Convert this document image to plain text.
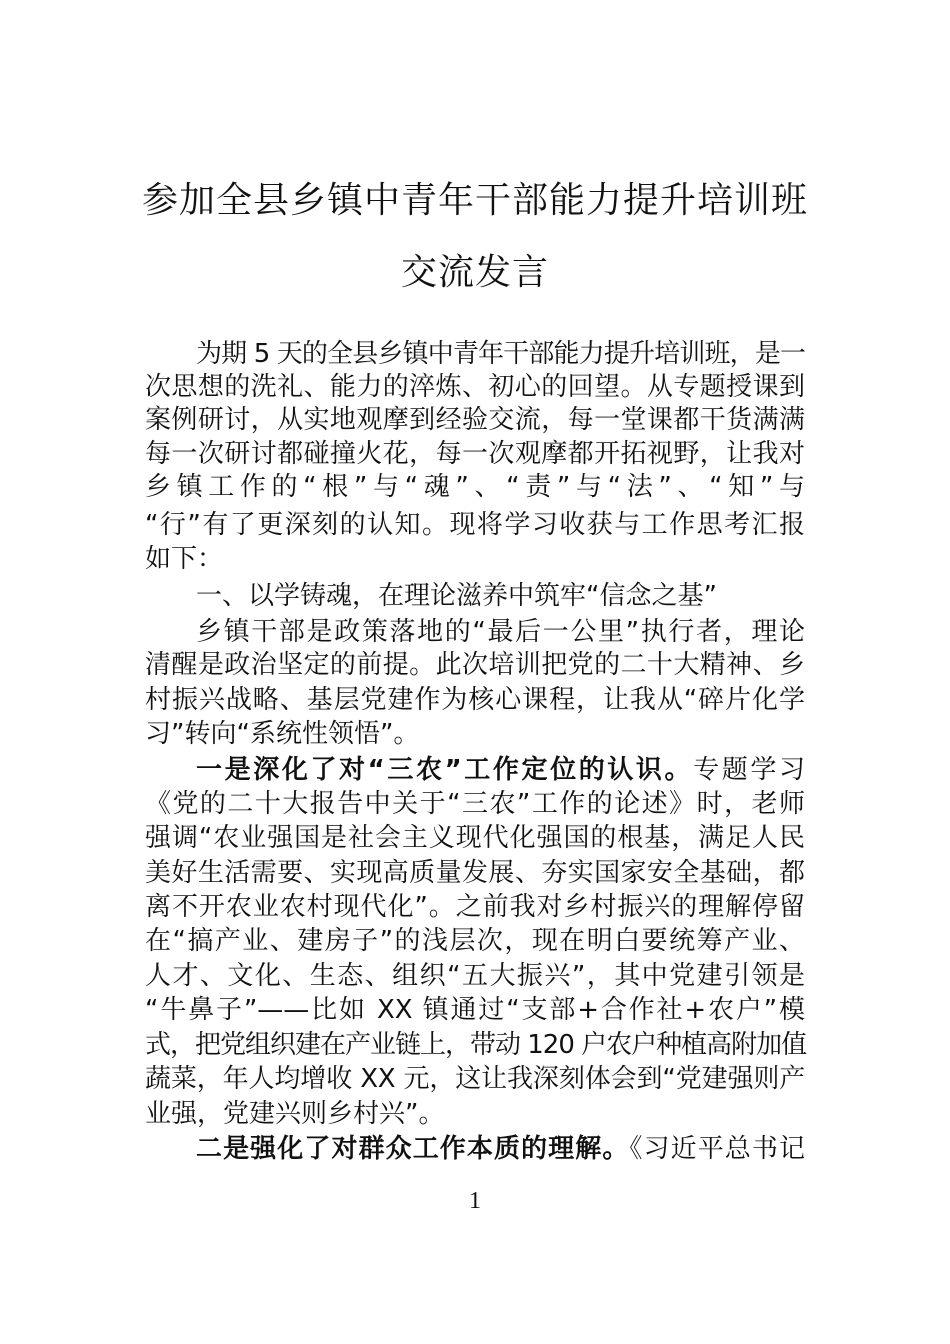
参加全县乡镇中青年干部能力提升培训班
交流发言
为期 5 天的全县乡镇中青年干部能力提升培训班，是一
次思想的洗礼、能力的淬炼、初心的回望。从专题授课到
案例研讨，从实地观摩到经验交流，每一堂课都干货满满
每一次研讨都碰撞火花，每一次观摩都开拓视野，让我对
乡镇工作的“根”与“魂”、“责”与“法”、“知”与
“行”有了更深刻的认知。现将学习收获与工作思考汇报
如下：
一、以学铸魂，在理论滋养中筑牢“信念之基”
乡镇干部是政策落地的“最后一公里”执行者，理论
清醒是政治坚定的前提。此次培训把党的二十大精神、乡
村振兴战略、基层党建作为核心课程，让我从“碎片化学
习”转向“系统性领悟”。
一是深化了对“三农”工作定位的认识。专题学习
《党的二十大报告中关于“三农”工作的论述》时，老师
强调“农业强国是社会主义现代化强国的根基，满足人民
美好生活需要、实现高质量发展、夯实国家安全基础，都
离不开农业农村现代化”。之前我对乡村振兴的理解停留
在“搞产业、建房子”的浅层次，现在明白要统筹产业、
人才、文化、生态、组织“五大振兴”，其中党建引领是
“牛鼻子”——比如 XX 镇通过“支部+合作社+农户”模
式，把党组织建在产业链上，带动 120 户农户种植高附加值
蔬菜，年人均增收 XX 元，这让我深刻体会到“党建强则产
业强，党建兴则乡村兴”。
二是强化了对群众工作本质的理解。《习近平总书记
1
